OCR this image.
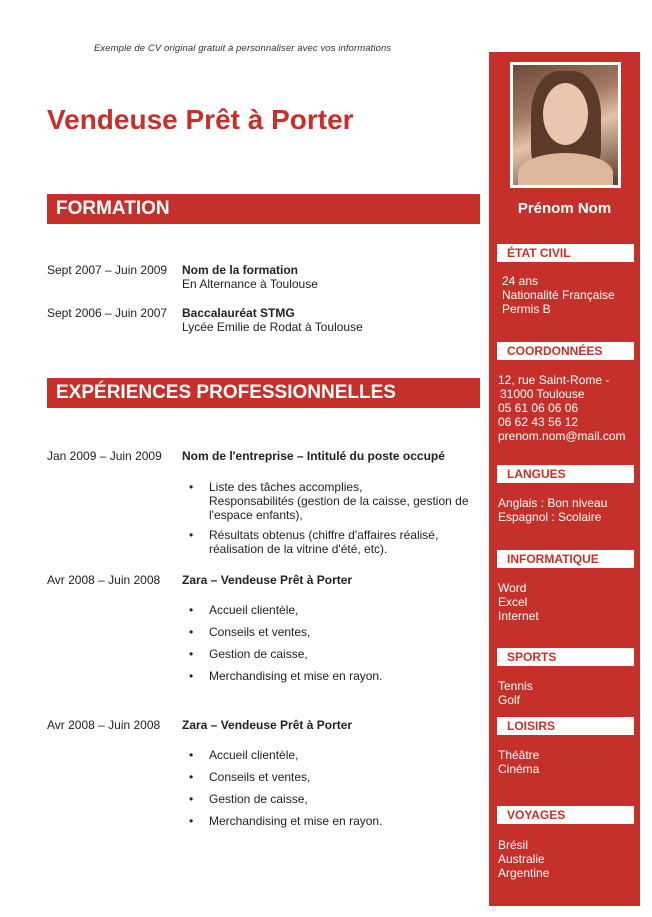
Exemple de CV original gratuit à personnaliser avec vos informations
Vendeuse Prêt à Porter
FORMATION
Sept 2007 – Juin 2009	Nom de la formation
En Alternance à Toulouse
Sept 2006 – Juin 2007	Baccalauréat STMG
Lycée Emilie de Rodat à Toulouse
EXPÉRIENCES PROFESSIONNELLES
Jan 2009 – Juin 2009	Nom de l'entreprise – Intitulé du poste occupé
• Liste des tâches accomplies,
Responsabilités (gestion de la caisse, gestion de
l'espace enfants),
• Résultats obtenus (chiffre d'affaires réalisé,
réalisation de la vitrine d'été, etc).
Avr 2008 – Juin 2008	Zara – Vendeuse Prêt à Porter
• Accueil clientèle,
• Conseils et ventes,
• Gestion de caisse,
• Merchandising et mise en rayon.
Avr 2008 – Juin 2008	Zara – Vendeuse Prêt à Porter
• Accueil clientèle,
• Conseils et ventes,
• Gestion de caisse,
• Merchandising et mise en rayon.
Prénom Nom
ÉTAT CIVIL
24 ans
Nationalité Française
Permis B
COORDONNÉES
12, rue Saint-Rome -
31000 Toulouse
05 61 06 06 06
06 62 43 56 12
prenom.nom@mail.com
LANGUES
Anglais : Bon niveau
Espagnol : Scolaire
INFORMATIQUE
Word
Excel
Internet
SPORTS
Tennis
Golf
LOISIRS
Théâtre
Cinéma
VOYAGES
Brésil
Australie
Argentine
